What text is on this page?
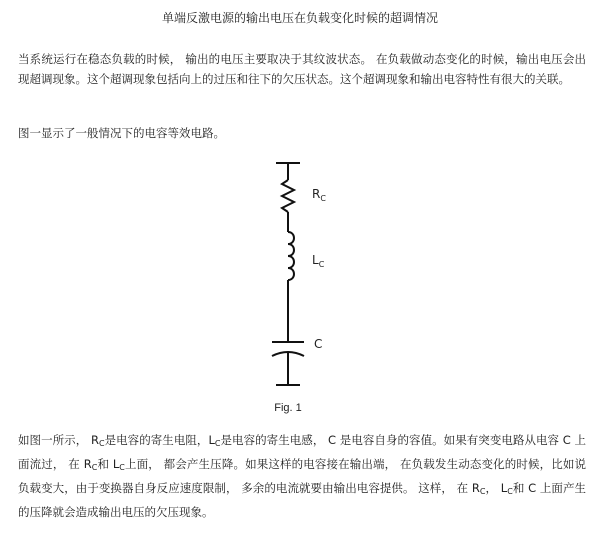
单端反激电源的输出电压在负载变化时候的超调情况

当系统运行在稳态负载的时候， 输出的电压主要取决于其纹波状态。 在负载做动态变化的时候，输出电压会出现超调现象。这个超调现象包括向上的过压和往下的欠压状态。这个超调现象和输出电容特性有很大的关联。

图一显示了一般情况下的电容等效电路。

$R_C$
$L_C$
C
Fig. 1

如图一所示， $R_C$是电容的寄生电阻，$L_C$是电容的寄生电感， C 是电容自身的容值。如果有突变电路从电容 C 上面流过， 在 $R_C$和 $L_C$上面， 都会产生压降。如果这样的电容接在输出端， 在负载发生动态变化的时候，比如说负载变大，由于变换器自身反应速度限制， 多余的电流就要由输出电容提供。 这样， 在 $R_C$， $L_C$和 C 上面产生的压降就会造成输出电压的欠压现象。
